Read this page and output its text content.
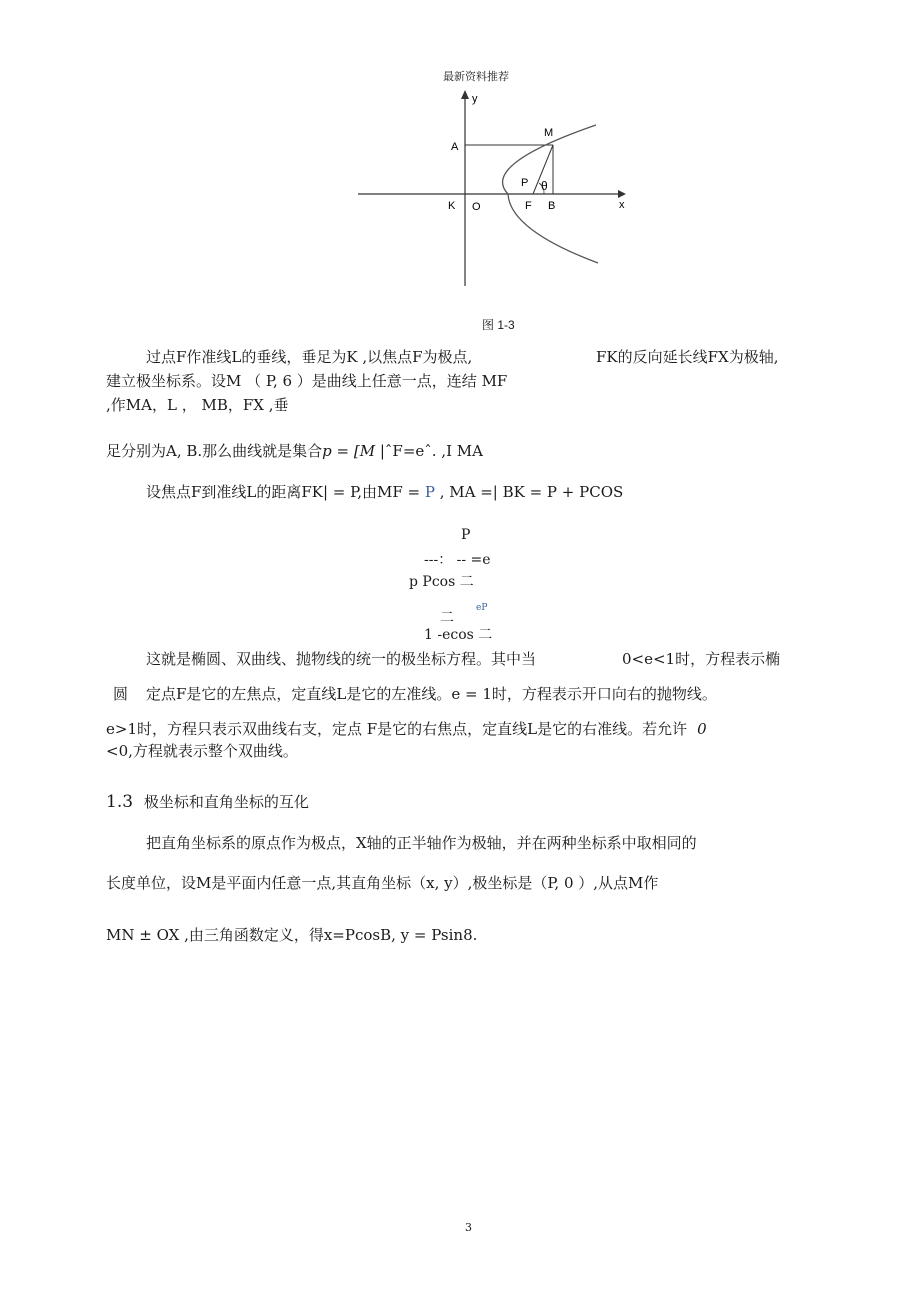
最新资料推荐
y
x
A
M
P θ
K O	F B
图 1-3
过点F作准线L的垂线，垂足为K ,以焦点F为极点,	FK的反向延长线FX为极轴,
建立极坐标系。设M （ P, 6 ）是曲线上任意一点，连结 MF
,作MA，L ， MB，FX ,垂
足分别为A, B.那么曲线就是集合p = [M |ˆF=eˆ. ,I MA
设焦点F到准线L的距离FK| = P,由MF = P , MA =| BK = P + PCOS
P
---： -- =e
p Pcos 二
eP
二
1 -ecos 二
这就是椭圆、双曲线、抛物线的统一的极坐标方程。其中当	0<e<1时，方程表示椭
圆 定点F是它的左焦点，定直线L是它的左准线。e = 1时，方程表示开口向右的抛物线。
e>1时，方程只表示双曲线右支，定点 F是它的右焦点，定直线L是它的右准线。若允许 0
<0,方程就表示整个双曲线。
1.3 极坐标和直角坐标的互化
把直角坐标系的原点作为极点，X轴的正半轴作为极轴，并在两种坐标系中取相同的
长度单位，设M是平面内任意一点,其直角坐标（x, y）,极坐标是（P, 0 ）,从点M作
MN ± OX ,由三角函数定义，得x=PcosB, y = Psin8.
3
